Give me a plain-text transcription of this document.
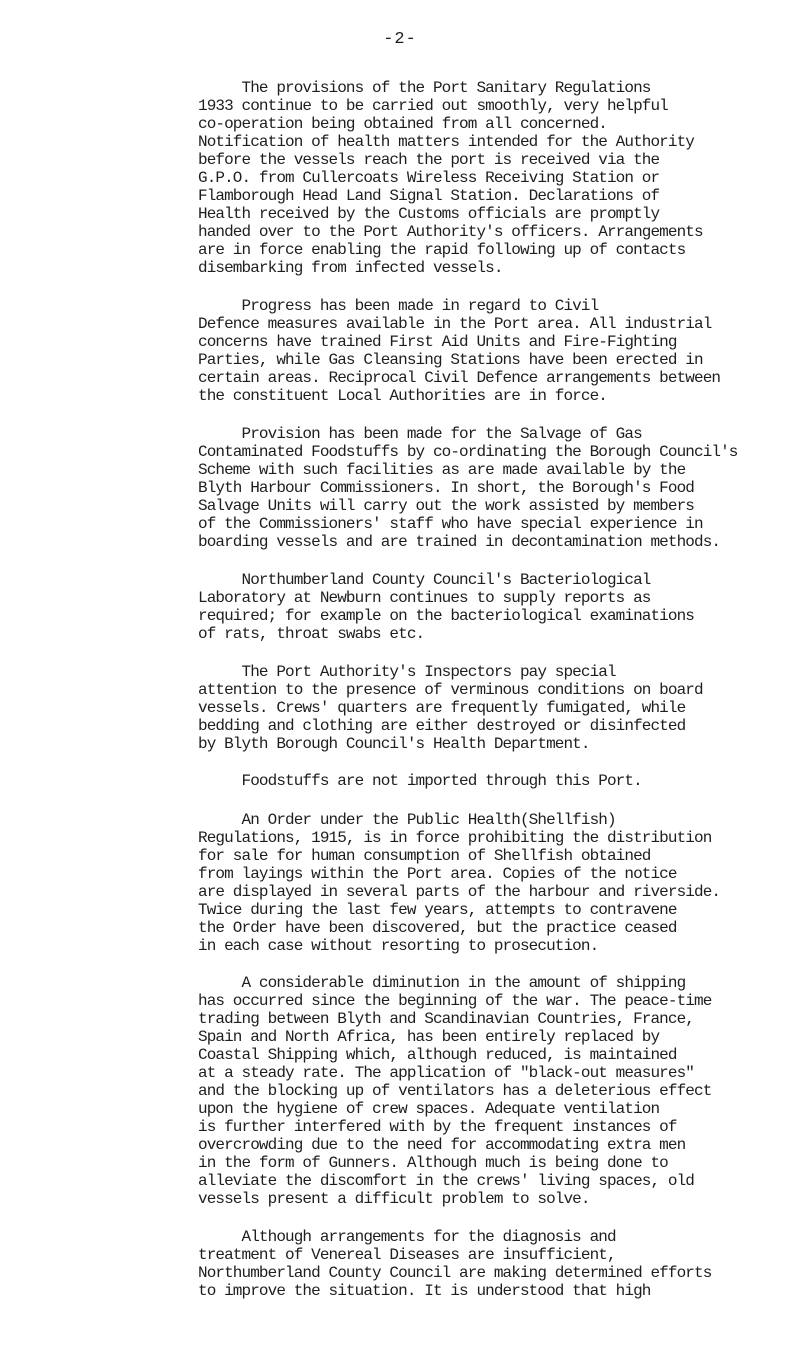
-2-
The provisions of the Port Sanitary Regulations
1933 continue to be carried out smoothly, very helpful
co-operation being obtained from all concerned.
Notification of health matters intended for the Authority
before the vessels reach the port is received via the
G.P.O. from Cullercoats Wireless Receiving Station or
Flamborough Head Land Signal Station. Declarations of
Health received by the Customs officials are promptly
handed over to the Port Authority's officers. Arrangements
are in force enabling the rapid following up of contacts
disembarking from infected vessels.
Progress has been made in regard to Civil
Defence measures available in the Port area. All industrial
concerns have trained First Aid Units and Fire-Fighting
Parties, while Gas Cleansing Stations have been erected in
certain areas. Reciprocal Civil Defence arrangements between
the constituent Local Authorities are in force.
Provision has been made for the Salvage of Gas
Contaminated Foodstuffs by co-ordinating the Borough Council's
Scheme with such facilities as are made available by the
Blyth Harbour Commissioners. In short, the Borough's Food
Salvage Units will carry out the work assisted by members
of the Commissioners' staff who have special experience in
boarding vessels and are trained in decontamination methods.
Northumberland County Council's Bacteriological
Laboratory at Newburn continues to supply reports as
required; for example on the bacteriological examinations
of rats, throat swabs etc.
The Port Authority's Inspectors pay special
attention to the presence of verminous conditions on board
vessels. Crews' quarters are frequently fumigated, while
bedding and clothing are either destroyed or disinfected
by Blyth Borough Council's Health Department.
Foodstuffs are not imported through this Port.
An Order under the Public Health(Shellfish)
Regulations, 1915, is in force prohibiting the distribution
for sale for human consumption of Shellfish obtained
from layings within the Port area. Copies of the notice
are displayed in several parts of the harbour and riverside.
Twice during the last few years, attempts to contravene
the Order have been discovered, but the practice ceased
in each case without resorting to prosecution.
A considerable diminution in the amount of shipping
has occurred since the beginning of the war. The peace-time
trading between Blyth and Scandinavian Countries, France,
Spain and North Africa, has been entirely replaced by
Coastal Shipping which, although reduced, is maintained
at a steady rate. The application of "black-out measures"
and the blocking up of ventilators has a deleterious effect
upon the hygiene of crew spaces. Adequate ventilation
is further interfered with by the frequent instances of
overcrowding due to the need for accommodating extra men
in the form of Gunners. Although much is being done to
alleviate the discomfort in the crews' living spaces, old
vessels present a difficult problem to solve.
Although arrangements for the diagnosis and
treatment of Venereal Diseases are insufficient,
Northumberland County Council are making determined efforts
to improve the situation. It is understood that high
